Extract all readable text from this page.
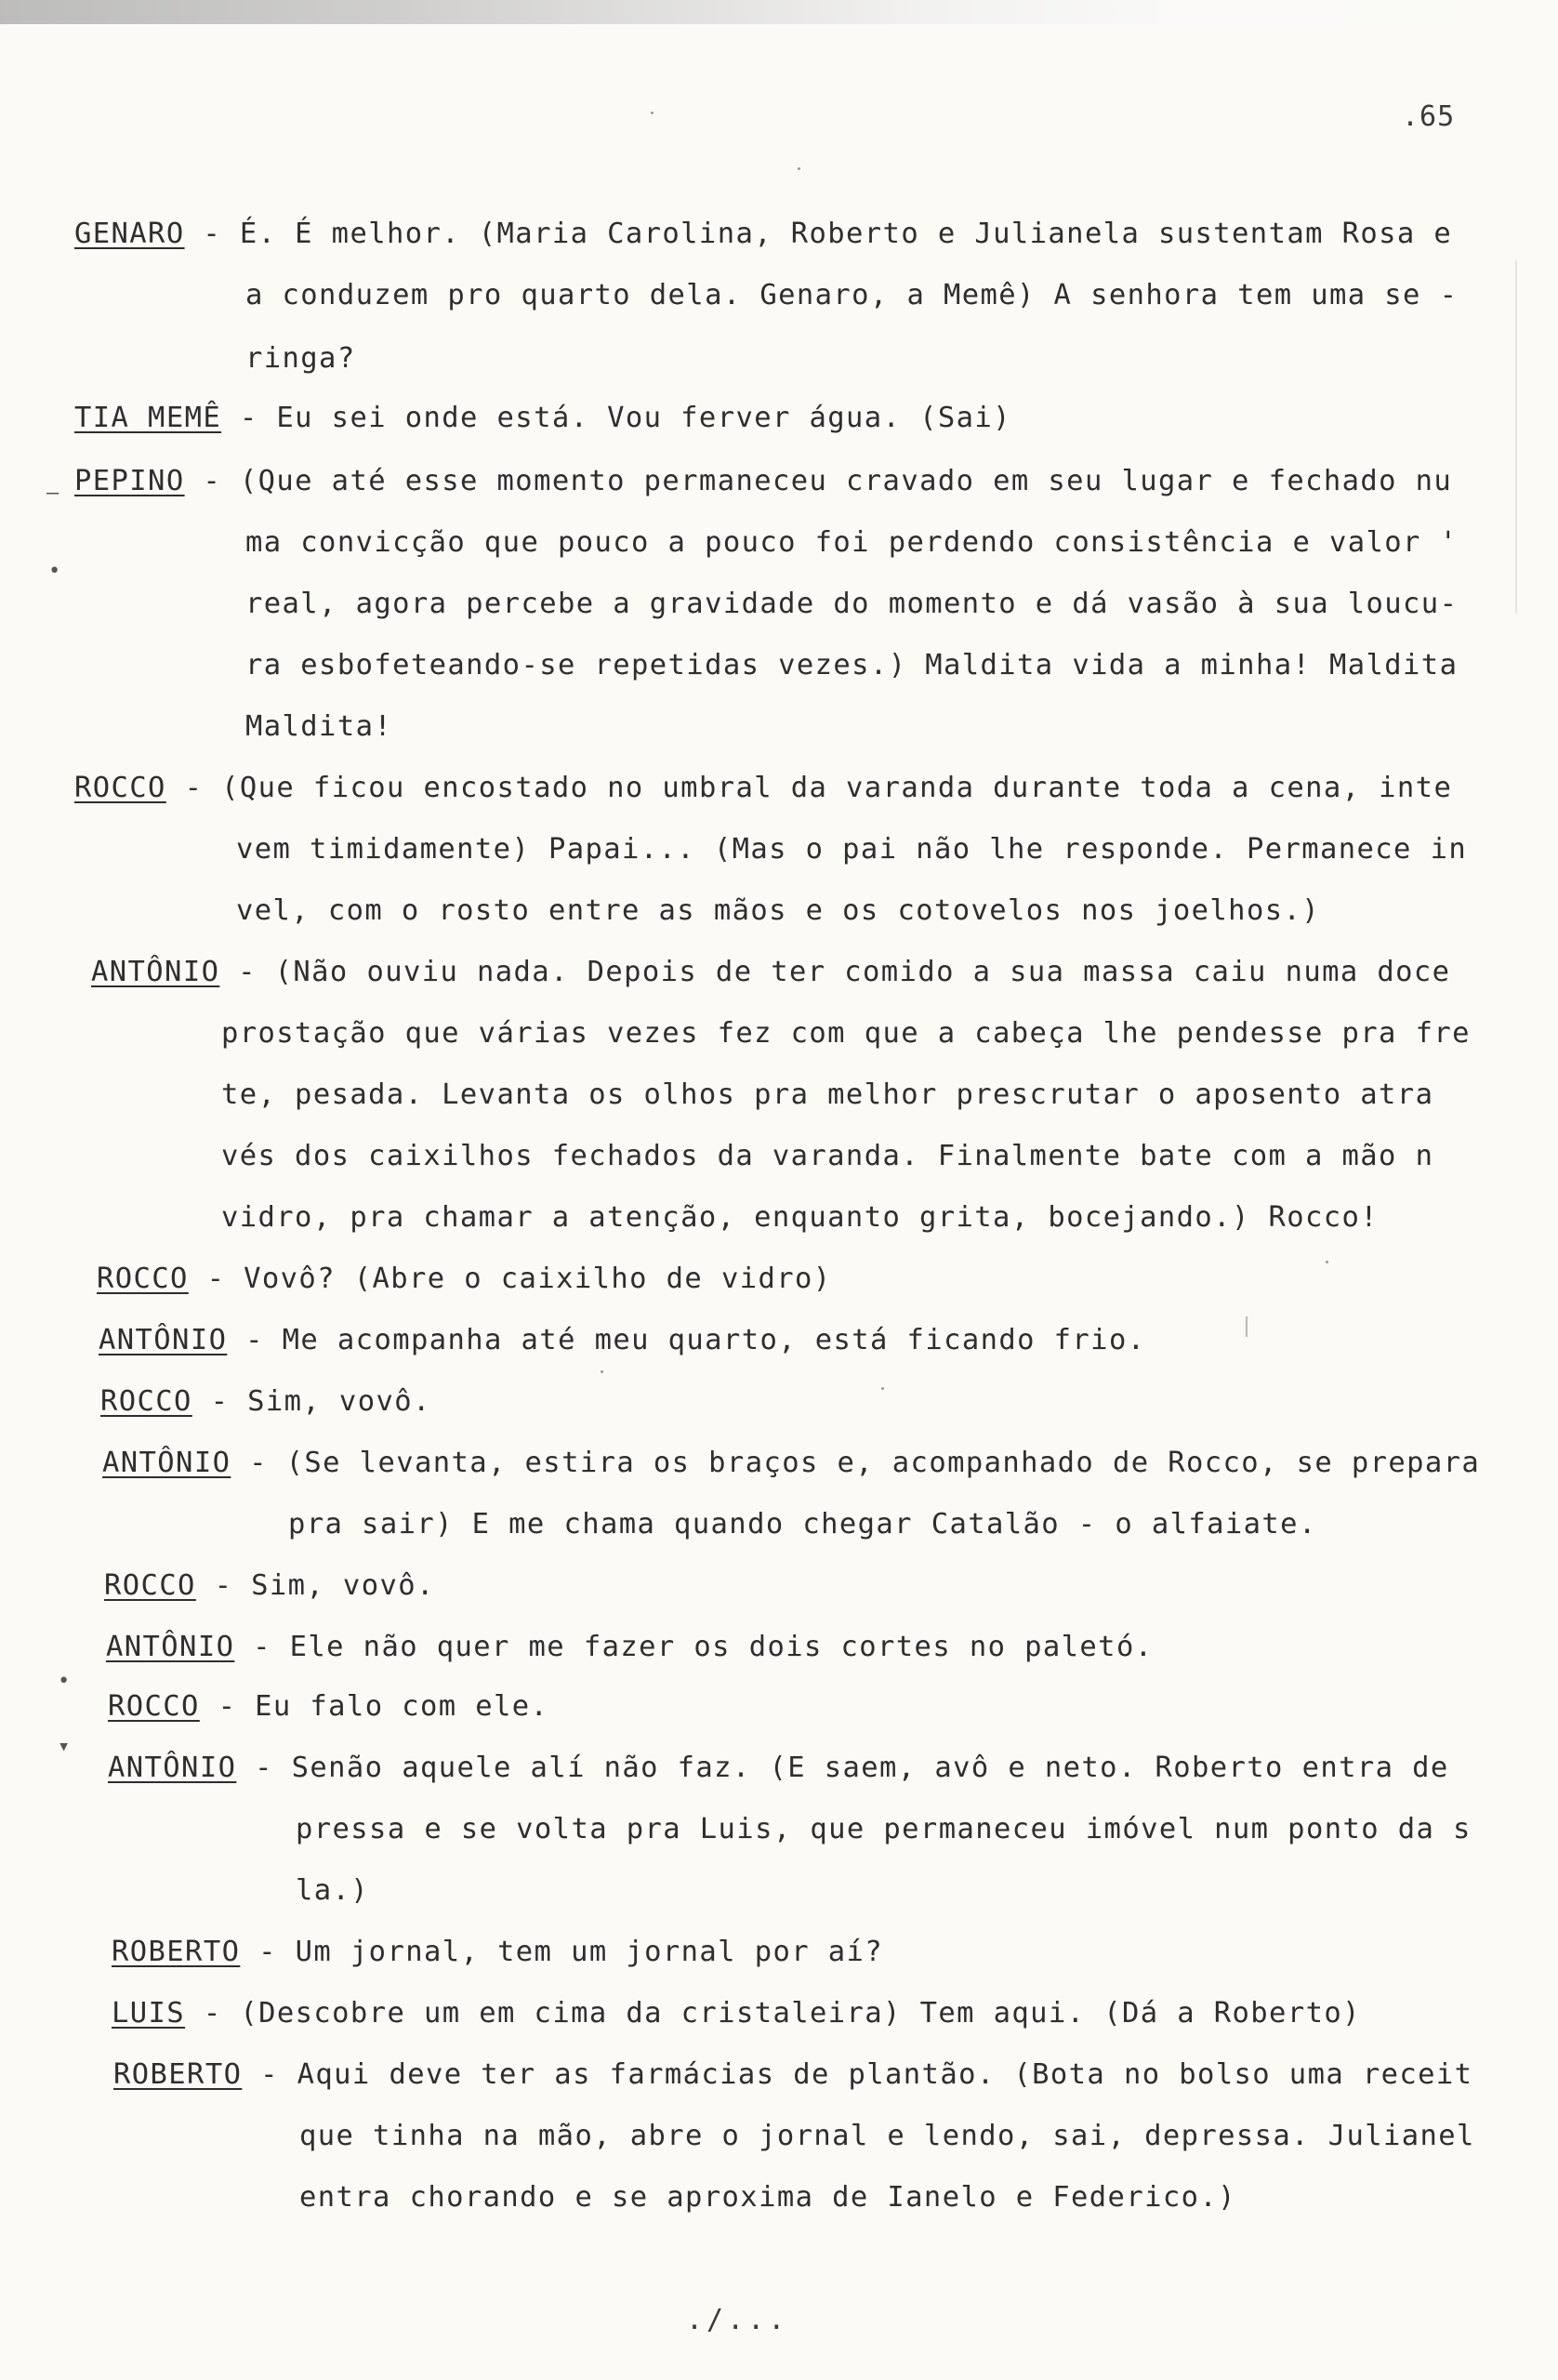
.65
GENARO - É. É melhor. (Maria Carolina, Roberto e Julianela sustentam Rosa e
a conduzem pro quarto dela. Genaro, a Memê) A senhora tem uma se -
ringa?
TIA MEMÊ - Eu sei onde está. Vou ferver água. (Sai)
PEPINO - (Que até esse momento permaneceu cravado em seu lugar e fechado nu
ma convicção que pouco a pouco foi perdendo consistência e valor '
real, agora percebe a gravidade do momento e dá vasão à sua loucu-
ra esbofeteando-se repetidas vezes.) Maldita vida a minha! Maldita
Maldita!
ROCCO - (Que ficou encostado no umbral da varanda durante toda a cena, inte
vem timidamente) Papai... (Mas o pai não lhe responde. Permanece in
vel, com o rosto entre as mãos e os cotovelos nos joelhos.)
ANTÔNIO - (Não ouviu nada. Depois de ter comido a sua massa caiu numa doce
prostação que várias vezes fez com que a cabeça lhe pendesse pra fre
te, pesada. Levanta os olhos pra melhor prescrutar o aposento atra
vés dos caixilhos fechados da varanda. Finalmente bate com a mão n
vidro, pra chamar a atenção, enquanto grita, bocejando.) Rocco!
ROCCO - Vovô? (Abre o caixilho de vidro)
ANTÔNIO - Me acompanha até meu quarto, está ficando frio.
ROCCO - Sim, vovô.
ANTÔNIO - (Se levanta, estira os braços e, acompanhado de Rocco, se prepara
pra sair) E me chama quando chegar Catalão - o alfaiate.
ROCCO - Sim, vovô.
ANTÔNIO - Ele não quer me fazer os dois cortes no paletó.
ROCCO - Eu falo com ele.
ANTÔNIO - Senão aquele alí não faz. (E saem, avô e neto. Roberto entra de
pressa e se volta pra Luis, que permaneceu imóvel num ponto da s
la.)
ROBERTO - Um jornal, tem um jornal por aí?
LUIS - (Descobre um em cima da cristaleira) Tem aqui. (Dá a Roberto)
ROBERTO - Aqui deve ter as farmácias de plantão. (Bota no bolso uma receit
que tinha na mão, abre o jornal e lendo, sai, depressa. Julianel
entra chorando e se aproxima de Ianelo e Federico.)
–
•
•
▾
./...
